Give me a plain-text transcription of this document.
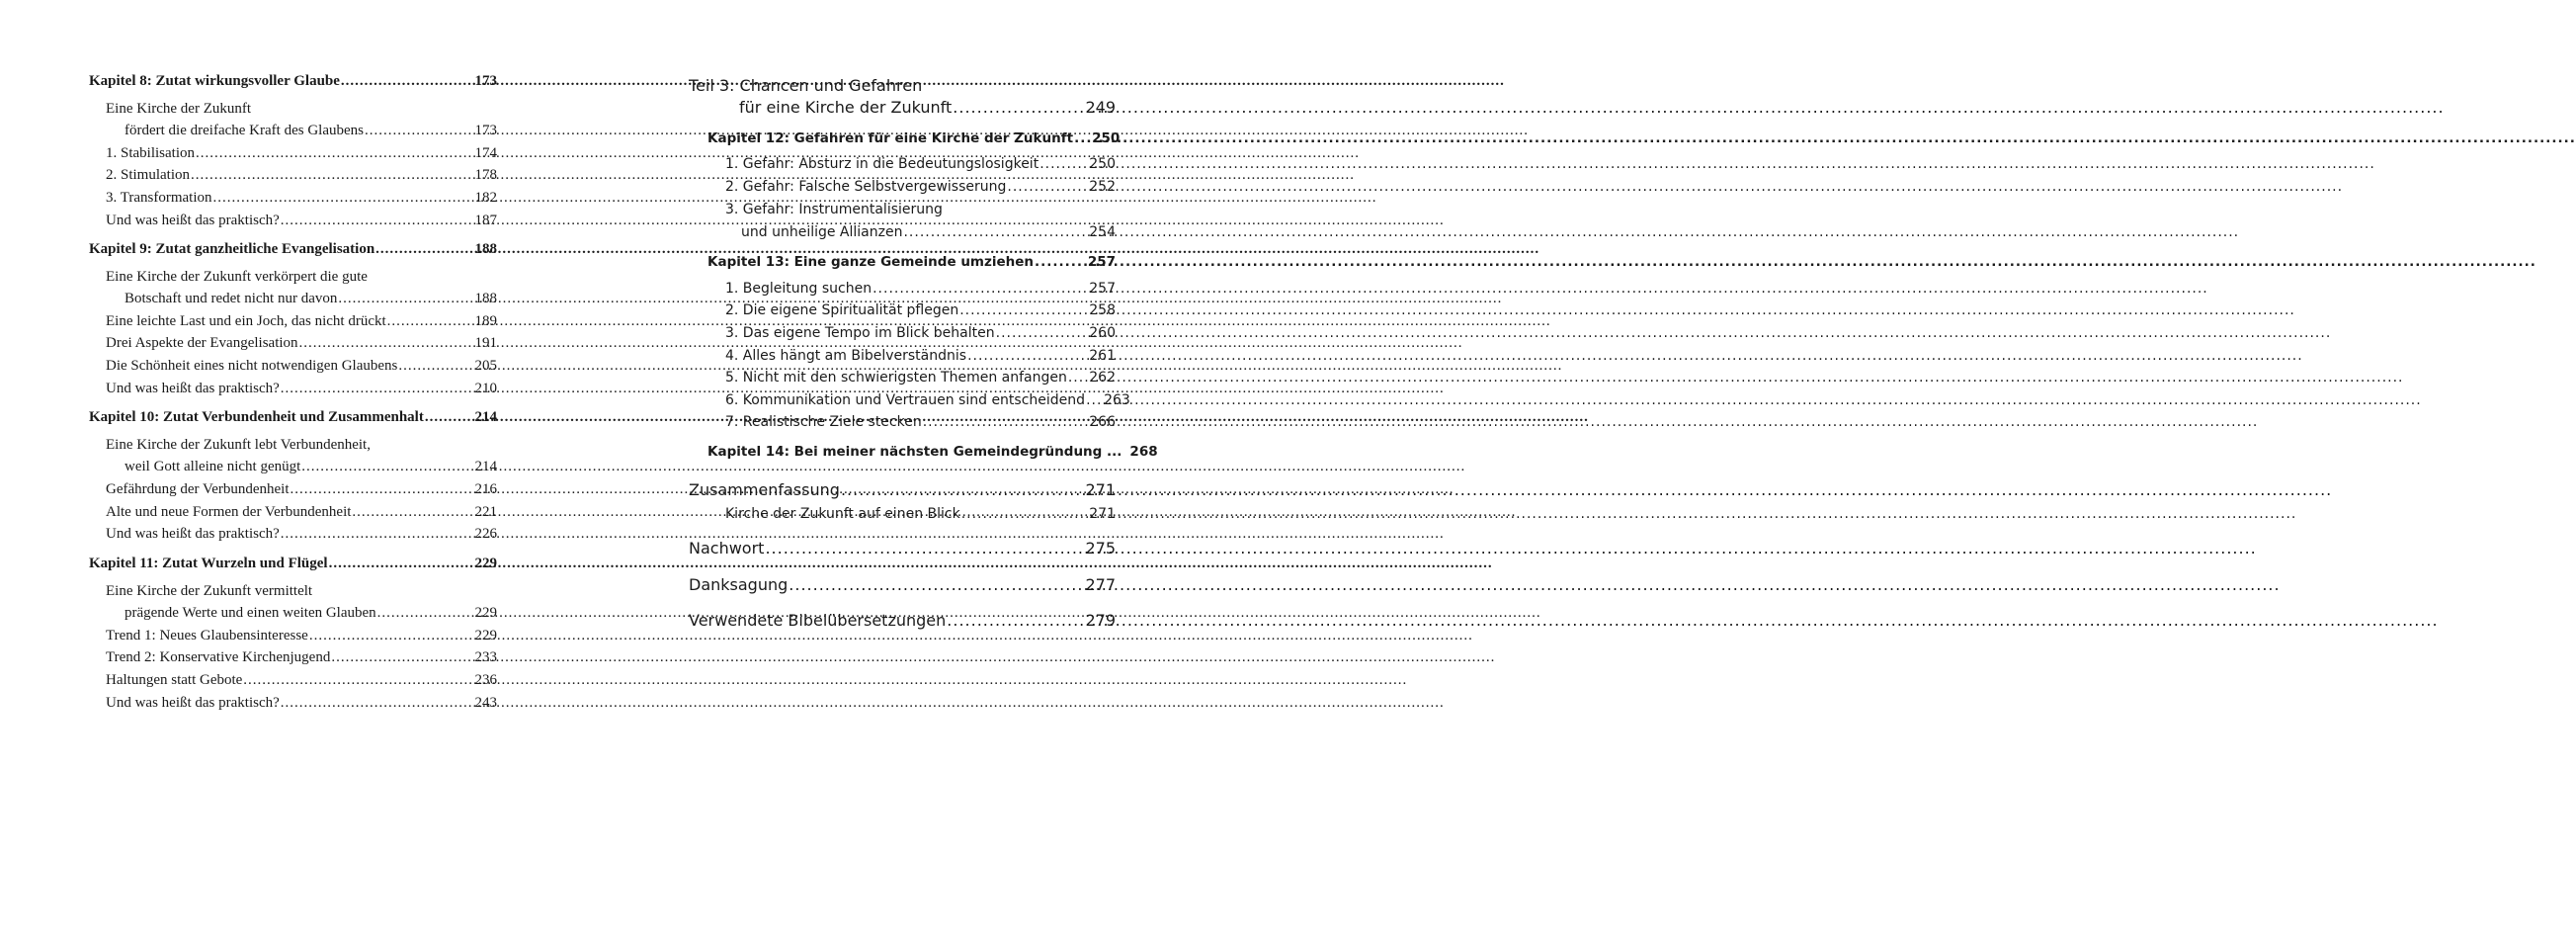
Kapitel 8: Zutat wirkungsvoller Glaube .....	173
Eine Kirche der Zukunft
fördert die dreifache Kraft des Glaubens .....	173
1. Stabilisation .....	174
2. Stimulation .....	178
3. Transformation .....	182
Und was heißt das praktisch? .....	187
Kapitel 9: Zutat ganzheitliche Evangelisation .....	188
Eine Kirche der Zukunft verkörpert die gute
Botschaft und redet nicht nur davon .....	188
Eine leichte Last und ein Joch, das nicht drückt .....	189
Drei Aspekte der Evangelisation .....	191
Die Schönheit eines nicht notwendigen Glaubens .....	205
Und was heißt das praktisch? .....	210
Kapitel 10: Zutat Verbundenheit und Zusammenhalt .....	214
Eine Kirche der Zukunft lebt Verbundenheit,
weil Gott alleine nicht genügt .....	214
Gefährdung der Verbundenheit .....	216
Alte und neue Formen der Verbundenheit .....	221
Und was heißt das praktisch? .....	226
Kapitel 11: Zutat Wurzeln und Flügel .....	229
Eine Kirche der Zukunft vermittelt
prägende Werte und einen weiten Glauben .....	229
Trend 1: Neues Glaubensinteresse .....	229
Trend 2: Konservative Kirchenjugend .....	233
Haltungen statt Gebote .....	236
Und was heißt das praktisch? .....	243
Teil 3: Chancen und Gefahren
für eine Kirche der Zukunft .....	249
Kapitel 12: Gefahren für eine Kirche der Zukunft .....	250
1. Gefahr: Absturz in die Bedeutungslosigkeit .....	250
2. Gefahr: Falsche Selbstvergewisserung .....	252
3. Gefahr: Instrumentalisierung
und unheilige Allianzen .....	254
Kapitel 13: Eine ganze Gemeinde umziehen .....	257
1. Begleitung suchen .....	257
2. Die eigene Spiritualität pflegen .....	258
3. Das eigene Tempo im Blick behalten .....	260
4. Alles hängt am Bibelverständnis .....	261
5. Nicht mit den schwierigsten Themen anfangen .....	262
6. Kommunikation und Vertrauen sind entscheidend .....	263
7. Realistische Ziele stecken .....	266
Kapitel 14: Bei meiner nächsten Gemeindegründung ... 268
Zusammenfassung .....	271
Kirche der Zukunft auf einen Blick .....	271
Nachwort .....	275
Danksagung .....	277
Verwendete Bibelübersetzungen .....	279
